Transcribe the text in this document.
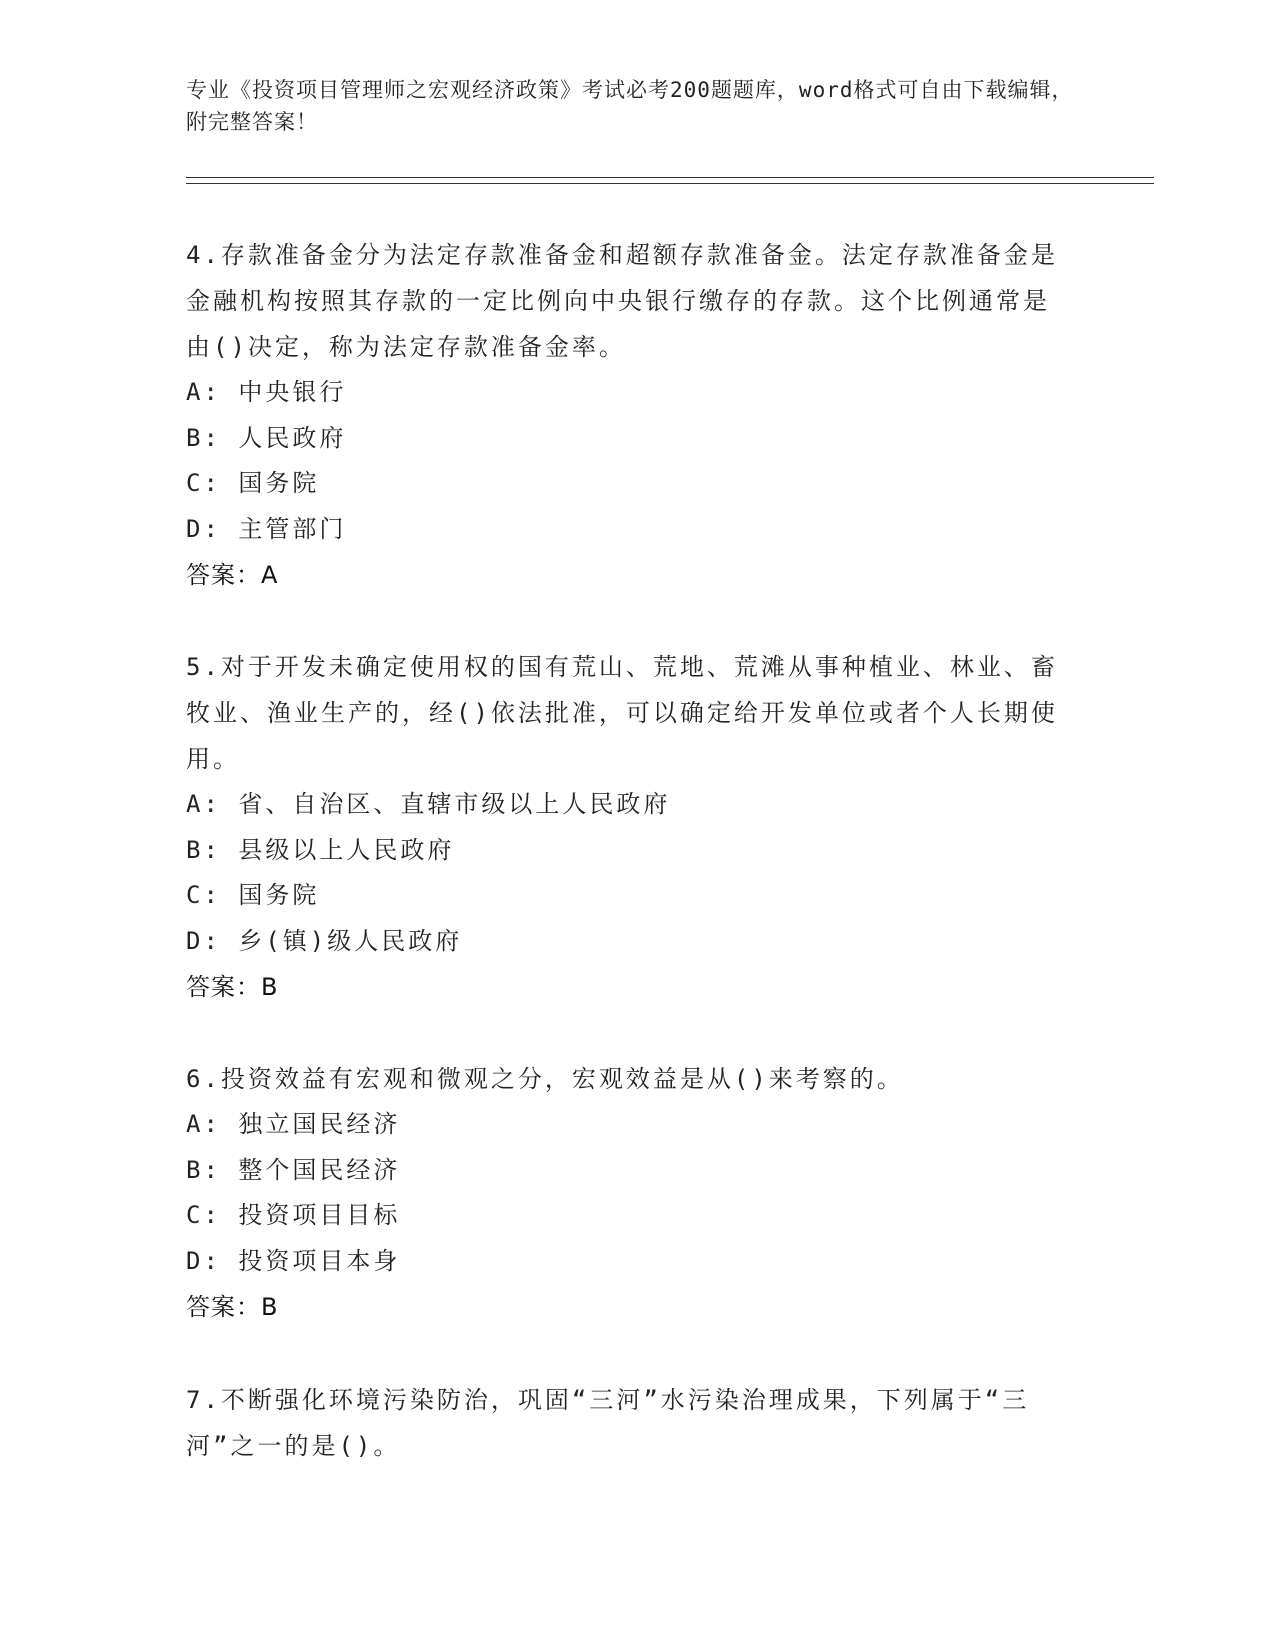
专业《投资项目管理师之宏观经济政策》考试必考200题题库，word格式可自由下载编辑，附完整答案！
4.存款准备金分为法定存款准备金和超额存款准备金。法定存款准备金是金融机构按照其存款的一定比例向中央银行缴存的存款。这个比例通常是由()决定，称为法定存款准备金率。
A: 中央银行
B: 人民政府
C: 国务院
D: 主管部门
答案：A
5.对于开发未确定使用权的国有荒山、荒地、荒滩从事种植业、林业、畜牧业、渔业生产的，经()依法批准，可以确定给开发单位或者个人长期使用。
A: 省、自治区、直辖市级以上人民政府
B: 县级以上人民政府
C: 国务院
D: 乡(镇)级人民政府
答案：B
6.投资效益有宏观和微观之分，宏观效益是从()来考察的。
A: 独立国民经济
B: 整个国民经济
C: 投资项目目标
D: 投资项目本身
答案：B
7.不断强化环境污染防治，巩固“三河”水污染治理成果，下列属于“三河”之一的是()。
